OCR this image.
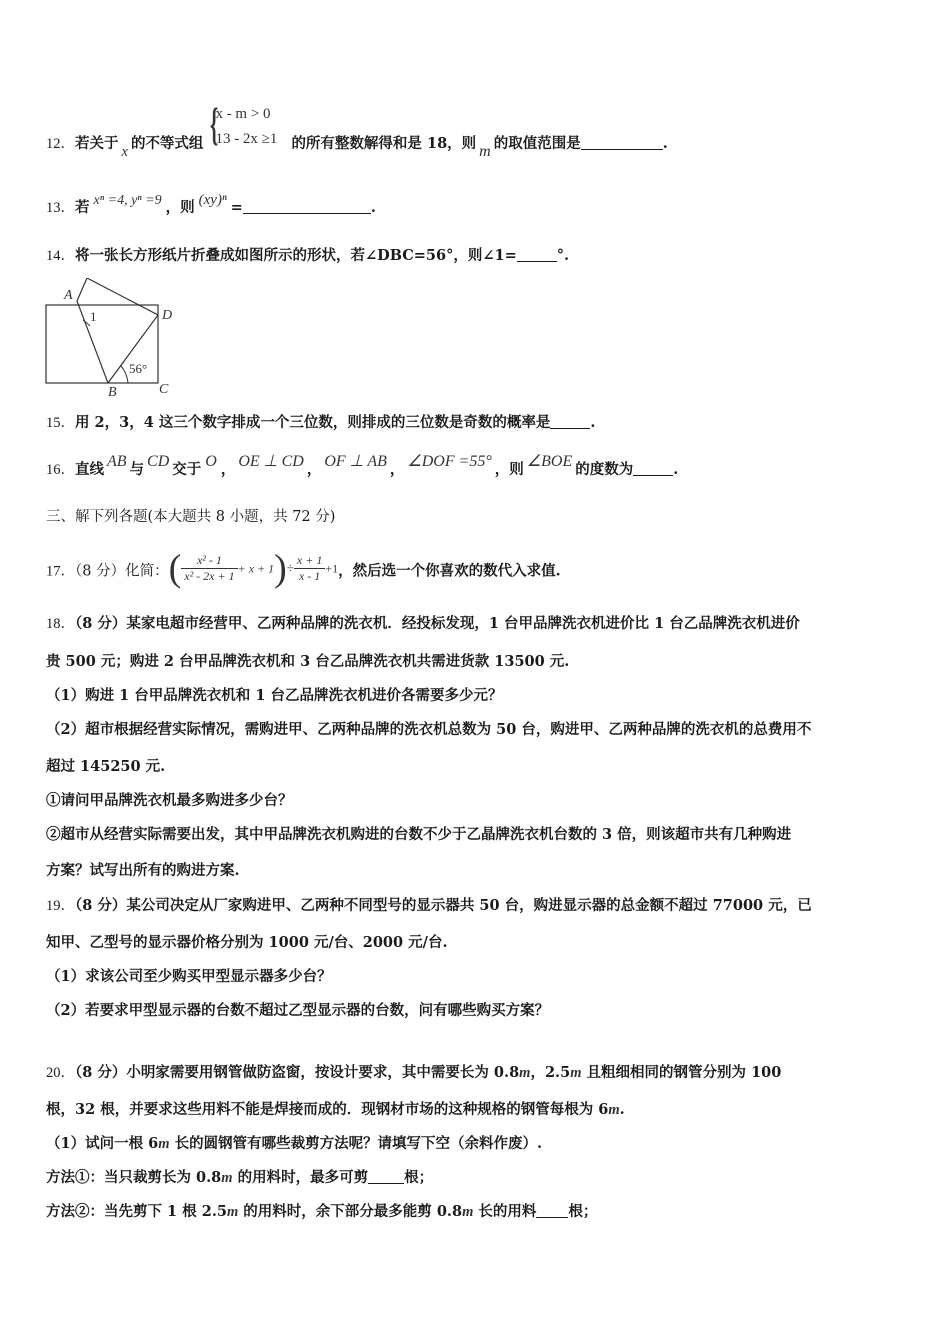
12．若关于 x 的不等式组 {
x - m > 0
13 - 2x ≥1 的所有整数解得和是 18，则 m 的取值范围是	.
13．若 xⁿ =4, yⁿ =9 ，则 (xy)ⁿ =	.
14．将一张长方形纸片折叠成如图所示的形状，若∠DBC=56°，则∠1=	°.
A
D
B	C
1
56°
15．用 2，3，4 这三个数字排成一个三位数，则排成的三位数是奇数的概率是	.
16．直线 AB 与 CD 交于 O ， OE ⊥ CD ， OF ⊥ AB ， ∠DOF =55° ，则 ∠BOE 的度数为	.
三、解下列各题(本大题共 8 小题，共 72 分)
17．（8 分）化简：( $\frac{\text{x² - 1}}{\text{x² - 2x + 1}} + x + 1)\div \frac{x + 1}{x - 1} +1$，然后选一个你喜欢的数代入求值.
18．（8 分）某家电超市经营甲、乙两种品牌的洗衣机．经投标发现，1 台甲品牌洗衣机进价比 1 台乙品牌洗衣机进价
贵 500 元；购进 2 台甲品牌洗衣机和 3 台乙品牌洗衣机共需进货款 13500 元.
（1）购进 1 台甲品牌洗衣机和 1 台乙品牌洗衣机进价各需要多少元？
（2）超市根据经营实际情况，需购进甲、乙两种品牌的洗衣机总数为 50 台，购进甲、乙两种品牌的洗衣机的总费用不
超过 145250 元.
①请问甲品牌洗衣机最多购进多少台？
②超市从经营实际需要出发，其中甲品牌洗衣机购进的台数不少于乙晶牌洗衣机台数的 3 倍，则该超市共有几种购进
方案？试写出所有的购进方案.
19．（8 分）某公司决定从厂家购进甲、乙两种不同型号的显示器共 50 台，购进显示器的总金额不超过 77000 元，已
知甲、乙型号的显示器价格分别为 1000 元/台、2000 元/台.
（1）求该公司至少购买甲型显示器多少台？
（2）若要求甲型显示器的台数不超过乙型显示器的台数，问有哪些购买方案？
20．（8 分）小明家需要用钢管做防盗窗，按设计要求，其中需要长为 0.8m，2.5m 且粗细相同的钢管分别为 100
根，32 根，并要求这些用料不能是焊接而成的．现钢材市场的这种规格的钢管每根为 6m.
（1）试问一根 6m 长的圆钢管有哪些裁剪方法呢？请填写下空（余料作废）.
方法①：当只裁剪长为 0.8m 的用料时，最多可剪 根；
方法②：当先剪下 1 根 2.5m 的用料时，余下部分最多能剪 0.8m 长的用料 根；
